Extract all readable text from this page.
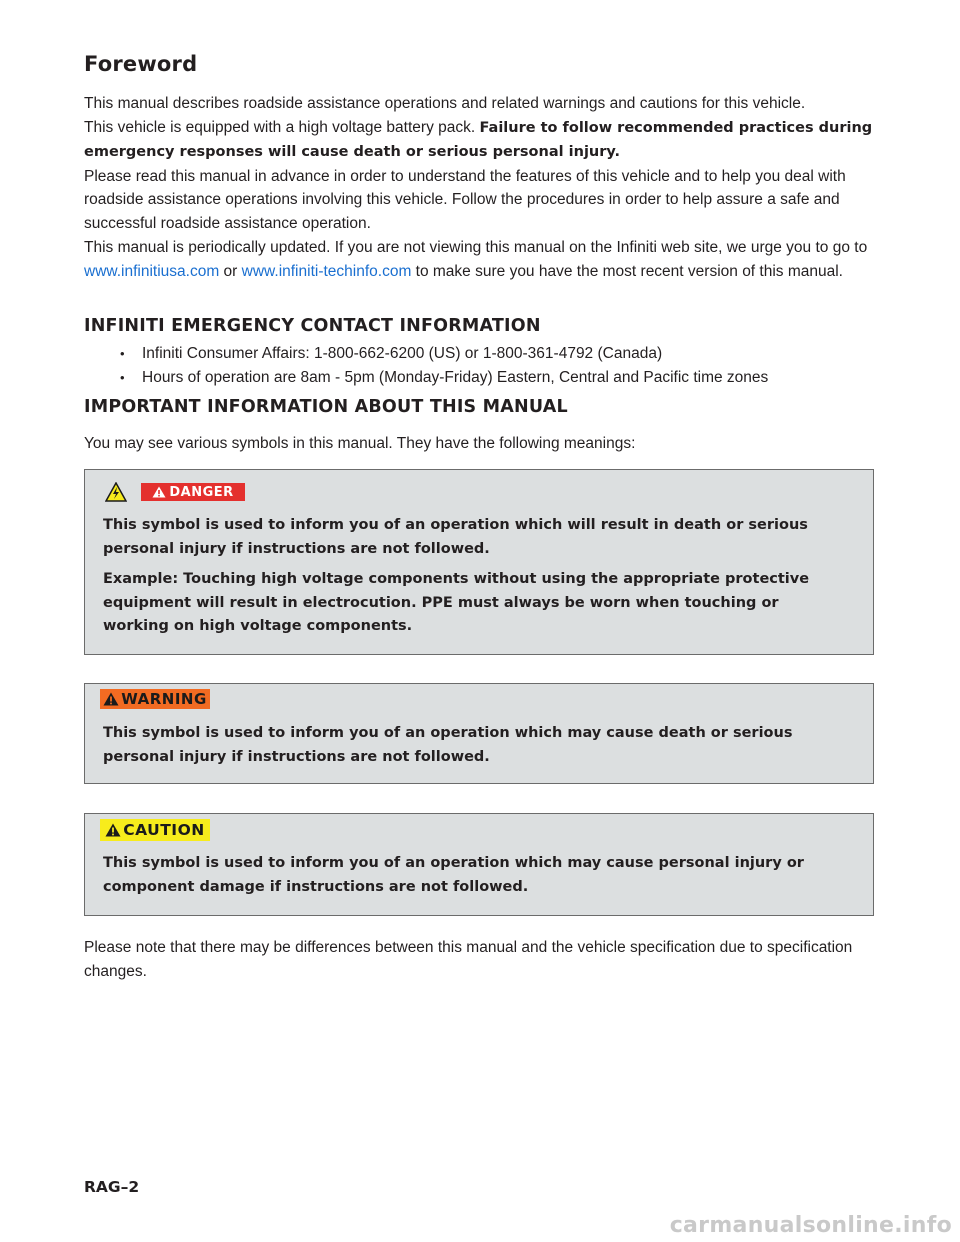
Foreword

This manual describes roadside assistance operations and related warnings and cautions for this vehicle.
This vehicle is equipped with a high voltage battery pack. Failure to follow recommended practices during emergency responses will cause death or serious personal injury.
Please read this manual in advance in order to understand the features of this vehicle and to help you deal with roadside assistance operations involving this vehicle. Follow the procedures in order to help assure a safe and successful roadside assistance operation.

This manual is periodically updated. If you are not viewing this manual on the Infiniti web site, we urge you to go to www.infinitiusa.com or www.infiniti-techinfo.com to make sure you have the most recent version of this manual.

INFINITI EMERGENCY CONTACT INFORMATION
• Infiniti Consumer Affairs: 1-800-662-6200 (US) or 1-800-361-4792 (Canada)
• Hours of operation are 8am - 5pm (Monday-Friday) Eastern, Central and Pacific time zones
IMPORTANT INFORMATION ABOUT THIS MANUAL

You may see various symbols in this manual. They have the following meanings:

DANGER
This symbol is used to inform you of an operation which will result in death or serious personal injury if instructions are not followed.
Example: Touching high voltage components without using the appropriate protective equipment will result in electrocution. PPE must always be worn when touching or working on high voltage components.
WARNING
This symbol is used to inform you of an operation which may cause death or serious personal injury if instructions are not followed.
CAUTION
This symbol is used to inform you of an operation which may cause personal injury or component damage if instructions are not followed.

Please note that there may be differences between this manual and the vehicle specification due to specification changes.

RAG–2
carmanualsonline.info
